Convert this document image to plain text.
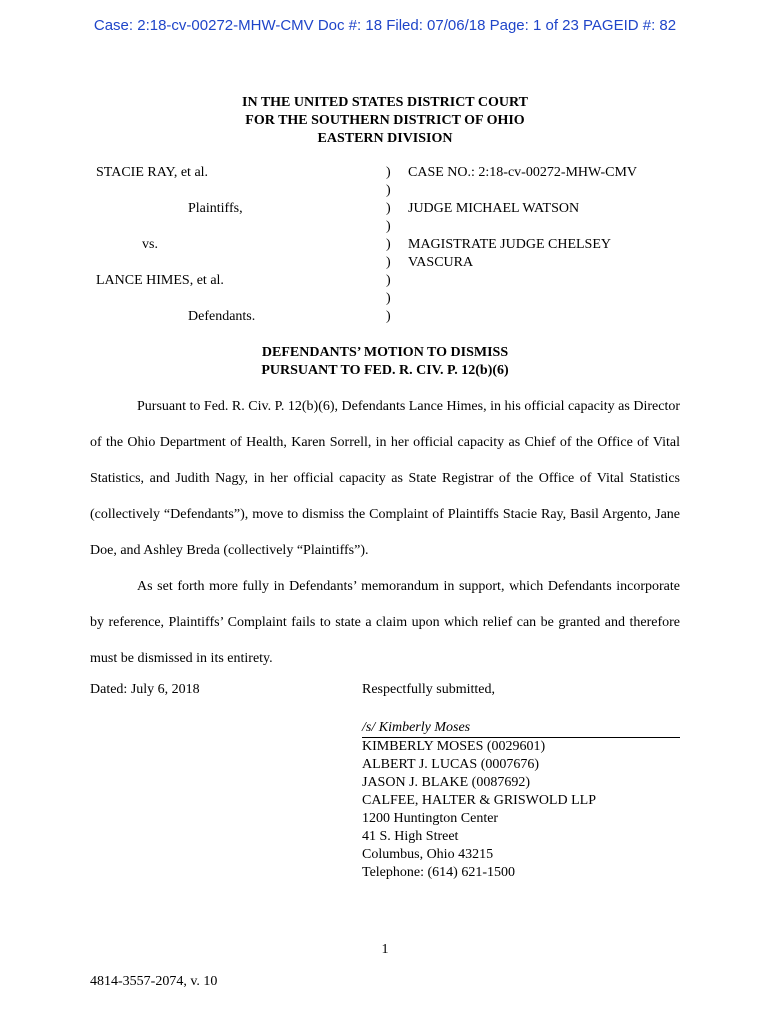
Case: 2:18-cv-00272-MHW-CMV Doc #: 18 Filed: 07/06/18 Page: 1 of 23 PAGEID #: 82
IN THE UNITED STATES DISTRICT COURT
FOR THE SOUTHERN DISTRICT OF OHIO
EASTERN DIVISION
STACIE RAY, et al.
Plaintiffs,
vs.
LANCE HIMES, et al.
Defendants.
)
)
)
)
)
)
)
)
)
CASE NO.: 2:18-cv-00272-MHW-CMV
JUDGE MICHAEL WATSON
MAGISTRATE JUDGE CHELSEY
VASCURA
DEFENDANTS’ MOTION TO DISMISS
PURSUANT TO FED. R. CIV. P. 12(b)(6)
Pursuant to Fed. R. Civ. P. 12(b)(6), Defendants Lance Himes, in his official capacity as Director of the Ohio Department of Health, Karen Sorrell, in her official capacity as Chief of the Office of Vital Statistics, and Judith Nagy, in her official capacity as State Registrar of the Office of Vital Statistics (collectively “Defendants”), move to dismiss the Complaint of Plaintiffs Stacie Ray, Basil Argento, Jane Doe, and Ashley Breda (collectively “Plaintiffs”).
As set forth more fully in Defendants’ memorandum in support, which Defendants incorporate by reference, Plaintiffs’ Complaint fails to state a claim upon which relief can be granted and therefore must be dismissed in its entirety.
Dated: July 6, 2018	Respectfully submitted,
/s/ Kimberly Moses
KIMBERLY MOSES (0029601)
ALBERT J. LUCAS (0007676)
JASON J. BLAKE (0087692)
CALFEE, HALTER & GRISWOLD LLP
1200 Huntington Center
41 S. High Street
Columbus, Ohio 43215
Telephone: (614) 621-1500
1
4814-3557-2074, v. 10
